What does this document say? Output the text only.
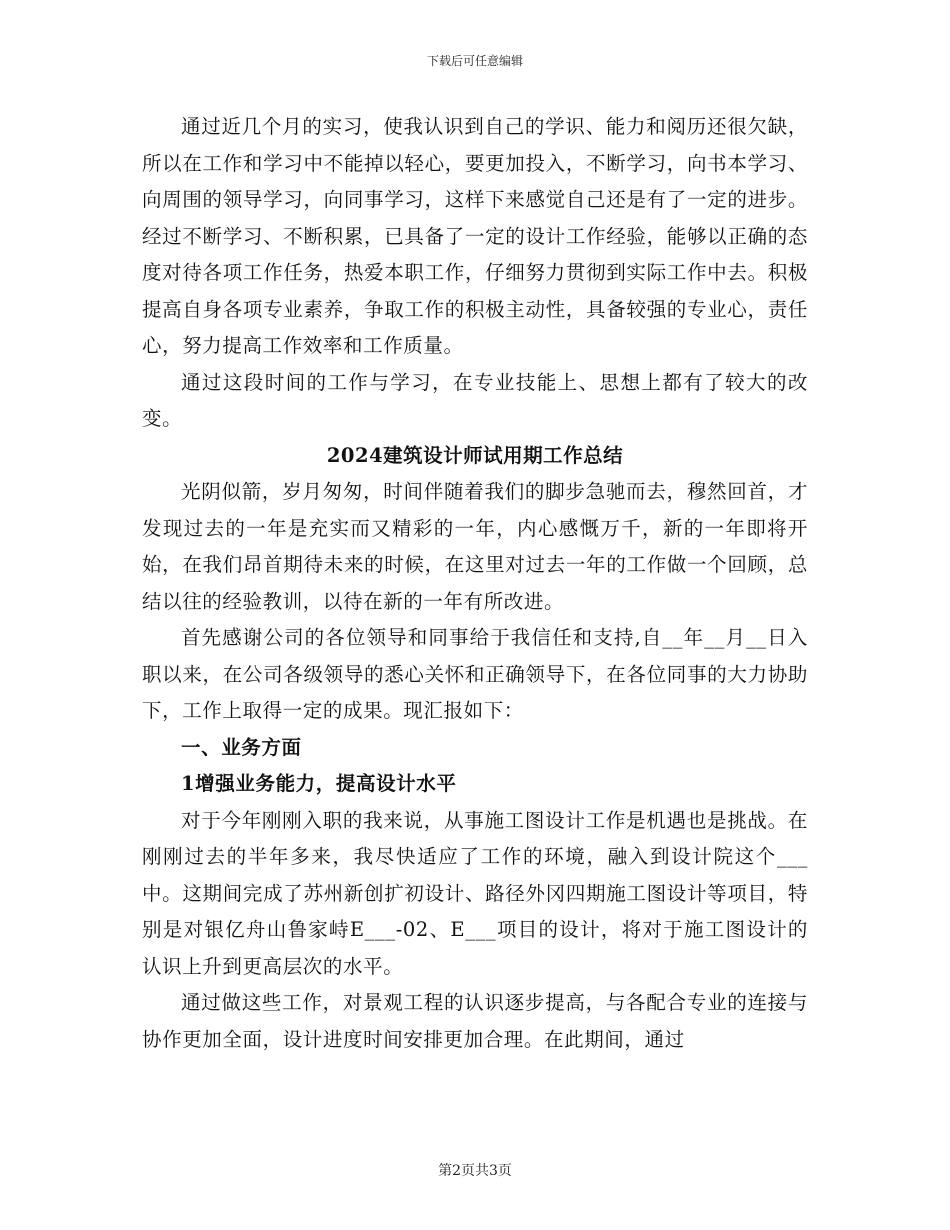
下载后可任意编辑

通过近几个月的实习，使我认识到自己的学识、能力和阅历还很欠缺，所以在工作和学习中不能掉以轻心，要更加投入，不断学习，向书本学习、向周围的领导学习，向同事学习，这样下来感觉自己还是有了一定的进步。经过不断学习、不断积累，已具备了一定的设计工作经验，能够以正确的态度对待各项工作任务，热爱本职工作，仔细努力贯彻到实际工作中去。积极提高自身各项专业素养，争取工作的积极主动性，具备较强的专业心，责任心，努力提高工作效率和工作质量。

通过这段时间的工作与学习，在专业技能上、思想上都有了较大的改变。

2024建筑设计师试用期工作总结

光阴似箭，岁月匆匆，时间伴随着我们的脚步急驰而去，穆然回首，才发现过去的一年是充实而又精彩的一年，内心感慨万千，新的一年即将开始，在我们昂首期待未来的时候，在这里对过去一年的工作做一个回顾，总结以往的经验教训，以待在新的一年有所改进。

首先感谢公司的各位领导和同事给于我信任和支持,自__年__月__日入职以来，在公司各级领导的悉心关怀和正确领导下，在各位同事的大力协助下，工作上取得一定的成果。现汇报如下：

一、业务方面

1增强业务能力，提高设计水平

对于今年刚刚入职的我来说，从事施工图设计工作是机遇也是挑战。在刚刚过去的半年多来，我尽快适应了工作的环境，融入到设计院这个___中。这期间完成了苏州新创扩初设计、路径外冈四期施工图设计等项目，特别是对银亿舟山鲁家峙E___-02、E___项目的设计，将对于施工图设计的认识上升到更高层次的水平。

通过做这些工作，对景观工程的认识逐步提高，与各配合专业的连接与协作更加全面，设计进度时间安排更加合理。在此期间，通过

第2页共3页
